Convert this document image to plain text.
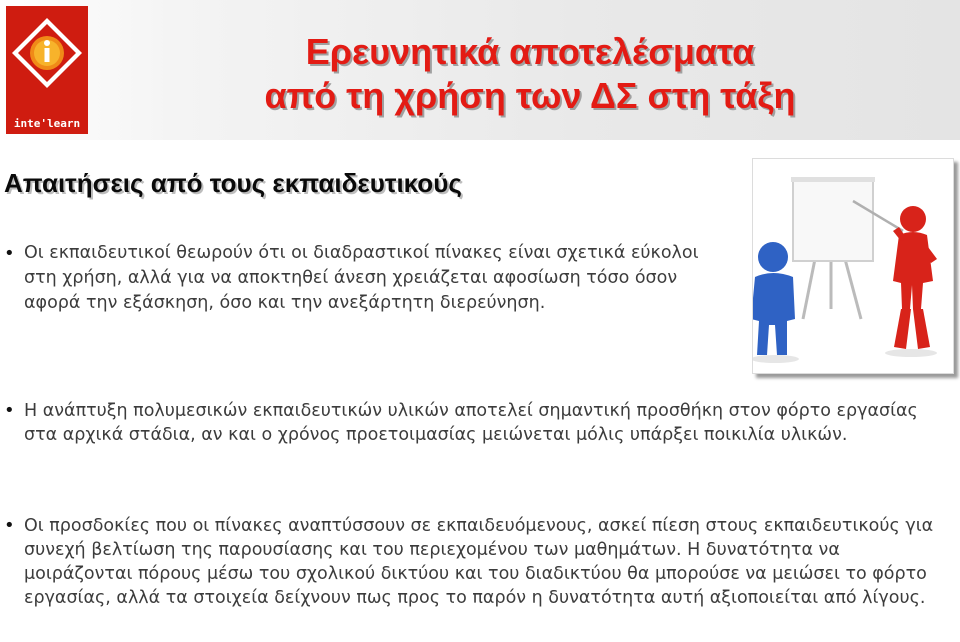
inte'learn
Ερευνητικά αποτελέσματα
από τη χρήση των ΔΣ στη τάξη
Απαιτήσεις από τους εκπαιδευτικούς
• Οι εκπαιδευτικοί θεωρούν ότι οι διαδραστικοί πίνακες είναι σχετικά εύκολοι στη χρήση, αλλά για να αποκτηθεί άνεση χρειάζεται αφοσίωση τόσο όσον αφορά την εξάσκηση, όσο και την ανεξάρτητη διερεύνηση.
• Η ανάπτυξη πολυμεσικών εκπαιδευτικών υλικών αποτελεί σημαντική προσθήκη στον φόρτο εργασίας στα αρχικά στάδια, αν και ο χρόνος προετοιμασίας μειώνεται μόλις υπάρξει ποικιλία υλικών.
• Οι προσδοκίες που οι πίνακες αναπτύσσουν σε εκπαιδευόμενους, ασκεί πίεση στους εκπαιδευτικούς για συνεχή βελτίωση της παρουσίασης και του περιεχομένου των μαθημάτων. Η δυνατότητα να μοιράζονται πόρους μέσω του σχολικού δικτύου και του διαδικτύου θα μπορούσε να μειώσει το φόρτο εργασίας, αλλά τα στοιχεία δείχνουν πως προς το παρόν η δυνατότητα αυτή αξιοποιείται από λίγους.
